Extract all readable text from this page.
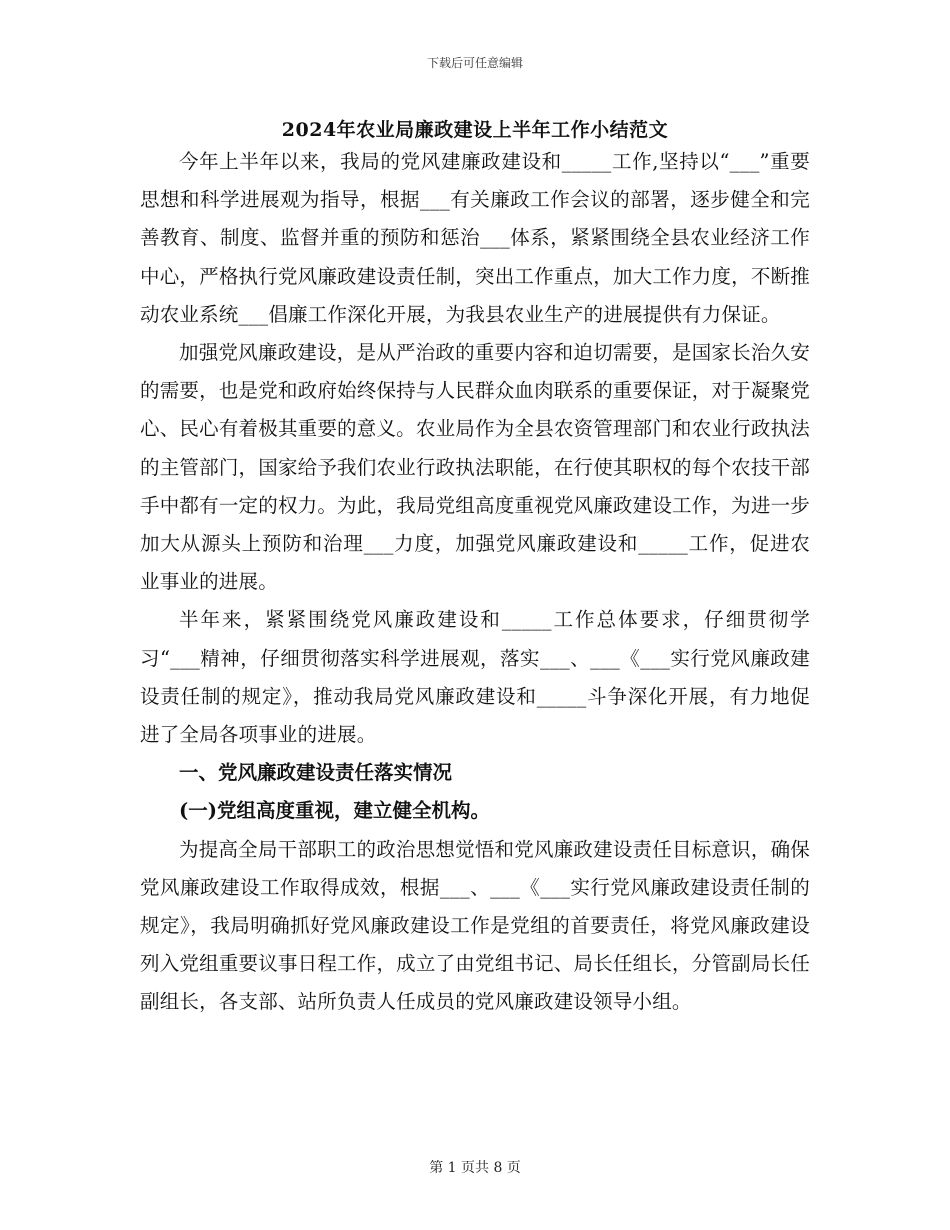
下载后可任意编辑
2024年农业局廉政建设上半年工作小结范文

今年上半年以来，我局的党风建廉政建设和_____工作,坚持以“___”重要思想和科学进展观为指导，根据___有关廉政工作会议的部署，逐步健全和完善教育、制度、监督并重的预防和惩治___体系，紧紧围绕全县农业经济工作中心，严格执行党风廉政建设责任制，突出工作重点，加大工作力度，不断推动农业系统___倡廉工作深化开展，为我县农业生产的进展提供有力保证。

加强党风廉政建设，是从严治政的重要内容和迫切需要，是国家长治久安的需要，也是党和政府始终保持与人民群众血肉联系的重要保证，对于凝聚党心、民心有着极其重要的意义。农业局作为全县农资管理部门和农业行政执法的主管部门，国家给予我们农业行政执法职能，在行使其职权的每个农技干部手中都有一定的权力。为此，我局党组高度重视党风廉政建设工作，为进一步加大从源头上预防和治理___力度，加强党风廉政建设和_____工作，促进农业事业的进展。

半年来，紧紧围绕党风廉政建设和_____工作总体要求，仔细贯彻学习“___精神，仔细贯彻落实科学进展观，落实___、___《___实行党风廉政建设责任制的规定》，推动我局党风廉政建设和_____斗争深化开展，有力地促进了全局各项事业的进展。

一、党风廉政建设责任落实情况

(一)党组高度重视，建立健全机构。

为提高全局干部职工的政治思想觉悟和党风廉政建设责任目标意识，确保党风廉政建设工作取得成效，根据___、___《___实行党风廉政建设责任制的规定》，我局明确抓好党风廉政建设工作是党组的首要责任，将党风廉政建设列入党组重要议事日程工作，成立了由党组书记、局长任组长，分管副局长任副组长，各支部、站所负责人任成员的党风廉政建设领导小组。

第 1 页共 8 页
